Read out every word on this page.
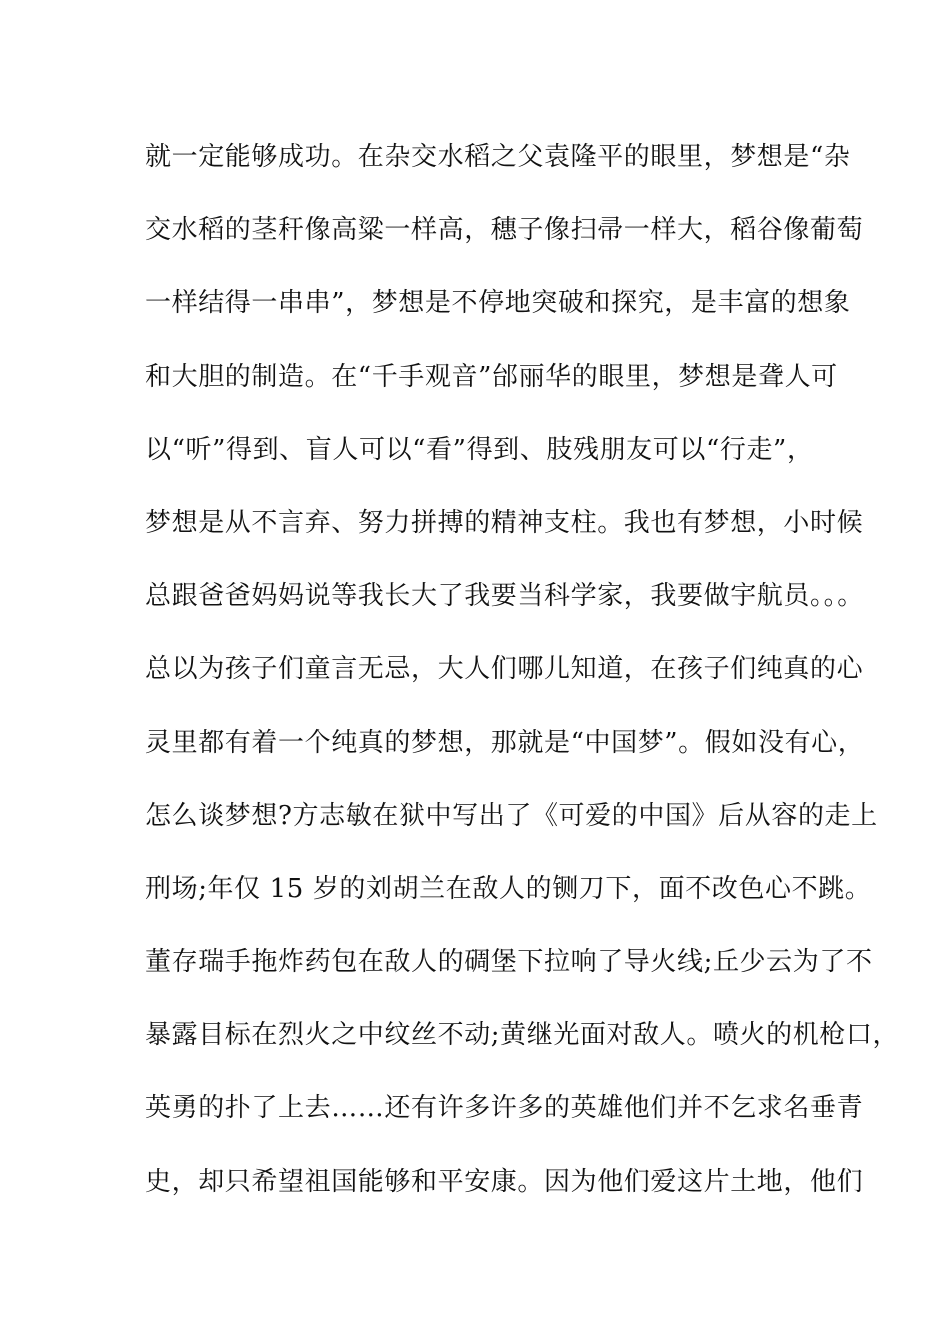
就一定能够成功。在杂交水稻之父袁隆平的眼里，梦想是“杂
交水稻的茎秆像高粱一样高，穗子像扫帚一样大，稻谷像葡萄
一样结得一串串”，梦想是不停地突破和探究，是丰富的想象
和大胆的制造。在“千手观音”邰丽华的眼里，梦想是聋人可
以“听”得到、盲人可以“看”得到、肢残朋友可以“行走”，
梦想是从不言弃、努力拼搏的精神支柱。我也有梦想，小时候
总跟爸爸妈妈说等我长大了我要当科学家，我要做宇航员。。。
总以为孩子们童言无忌，大人们哪儿知道，在孩子们纯真的心
灵里都有着一个纯真的梦想，那就是“中国梦”。假如没有心，
怎么谈梦想?方志敏在狱中写出了《可爱的中国》后从容的走上
刑场;年仅 15 岁的刘胡兰在敌人的铡刀下，面不改色心不跳。
董存瑞手拖炸药包在敌人的碉堡下拉响了导火线;丘少云为了不
暴露目标在烈火之中纹丝不动;黄继光面对敌人。喷火的机枪口，
英勇的扑了上去……还有许多许多的英雄他们并不乞求名垂青
史，却只希望祖国能够和平安康。因为他们爱这片土地，他们
